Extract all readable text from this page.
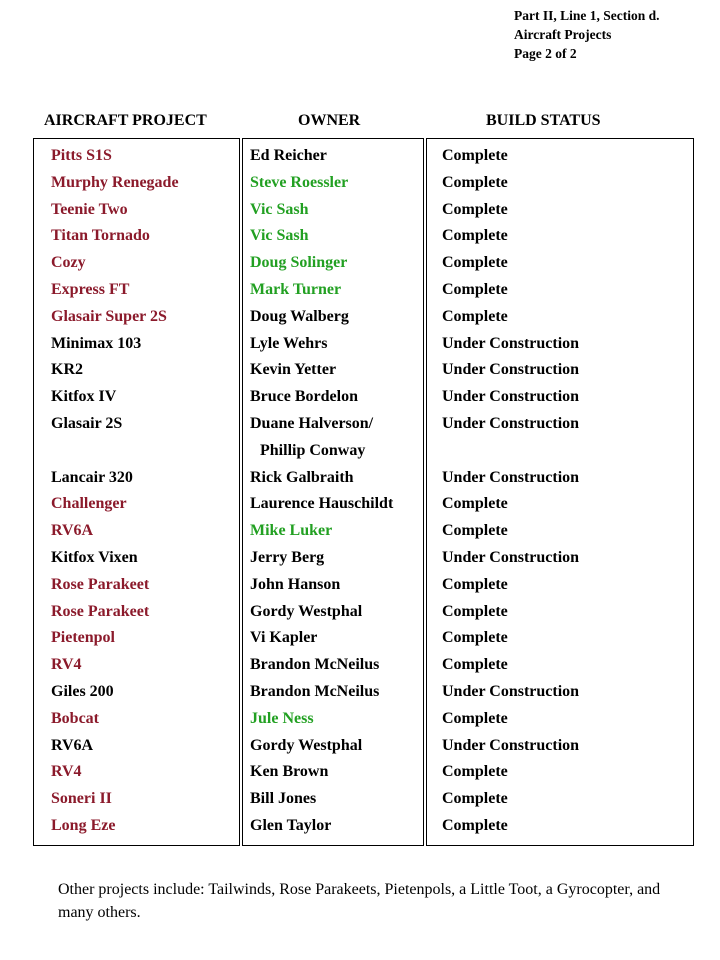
Part II, Line 1, Section d.
Aircraft Projects
Page 2 of 2
AIRCRAFT PROJECT	OWNER	BUILD STATUS
Pitts S1S
Murphy Renegade
Teenie Two
Titan Tornado
Cozy
Express FT
Glasair Super 2S
Minimax 103
KR2
Kitfox IV
Glasair 2S
Lancair 320
Challenger
RV6A
Kitfox Vixen
Rose Parakeet
Rose Parakeet
Pietenpol
RV4
Giles 200
Bobcat
RV6A
RV4
Soneri II
Long Eze
Ed Reicher
Steve Roessler
Vic Sash
Vic Sash
Doug Solinger
Mark Turner
Doug Walberg
Lyle Wehrs
Kevin Yetter
Bruce Bordelon
Duane Halverson/
Phillip Conway
Rick Galbraith
Laurence Hauschildt
Mike Luker
Jerry Berg
John Hanson
Gordy Westphal
Vi Kapler
Brandon McNeilus
Brandon McNeilus
Jule Ness
Gordy Westphal
Ken Brown
Bill Jones
Glen Taylor
Complete
Complete
Complete
Complete
Complete
Complete
Complete
Under Construction
Under Construction
Under Construction
Under Construction
Under Construction
Complete
Complete
Under Construction
Complete
Complete
Complete
Complete
Under Construction
Complete
Under Construction
Complete
Complete
Complete
Other projects include: Tailwinds, Rose Parakeets, Pietenpols, a Little Toot, a Gyrocopter, and many others.
